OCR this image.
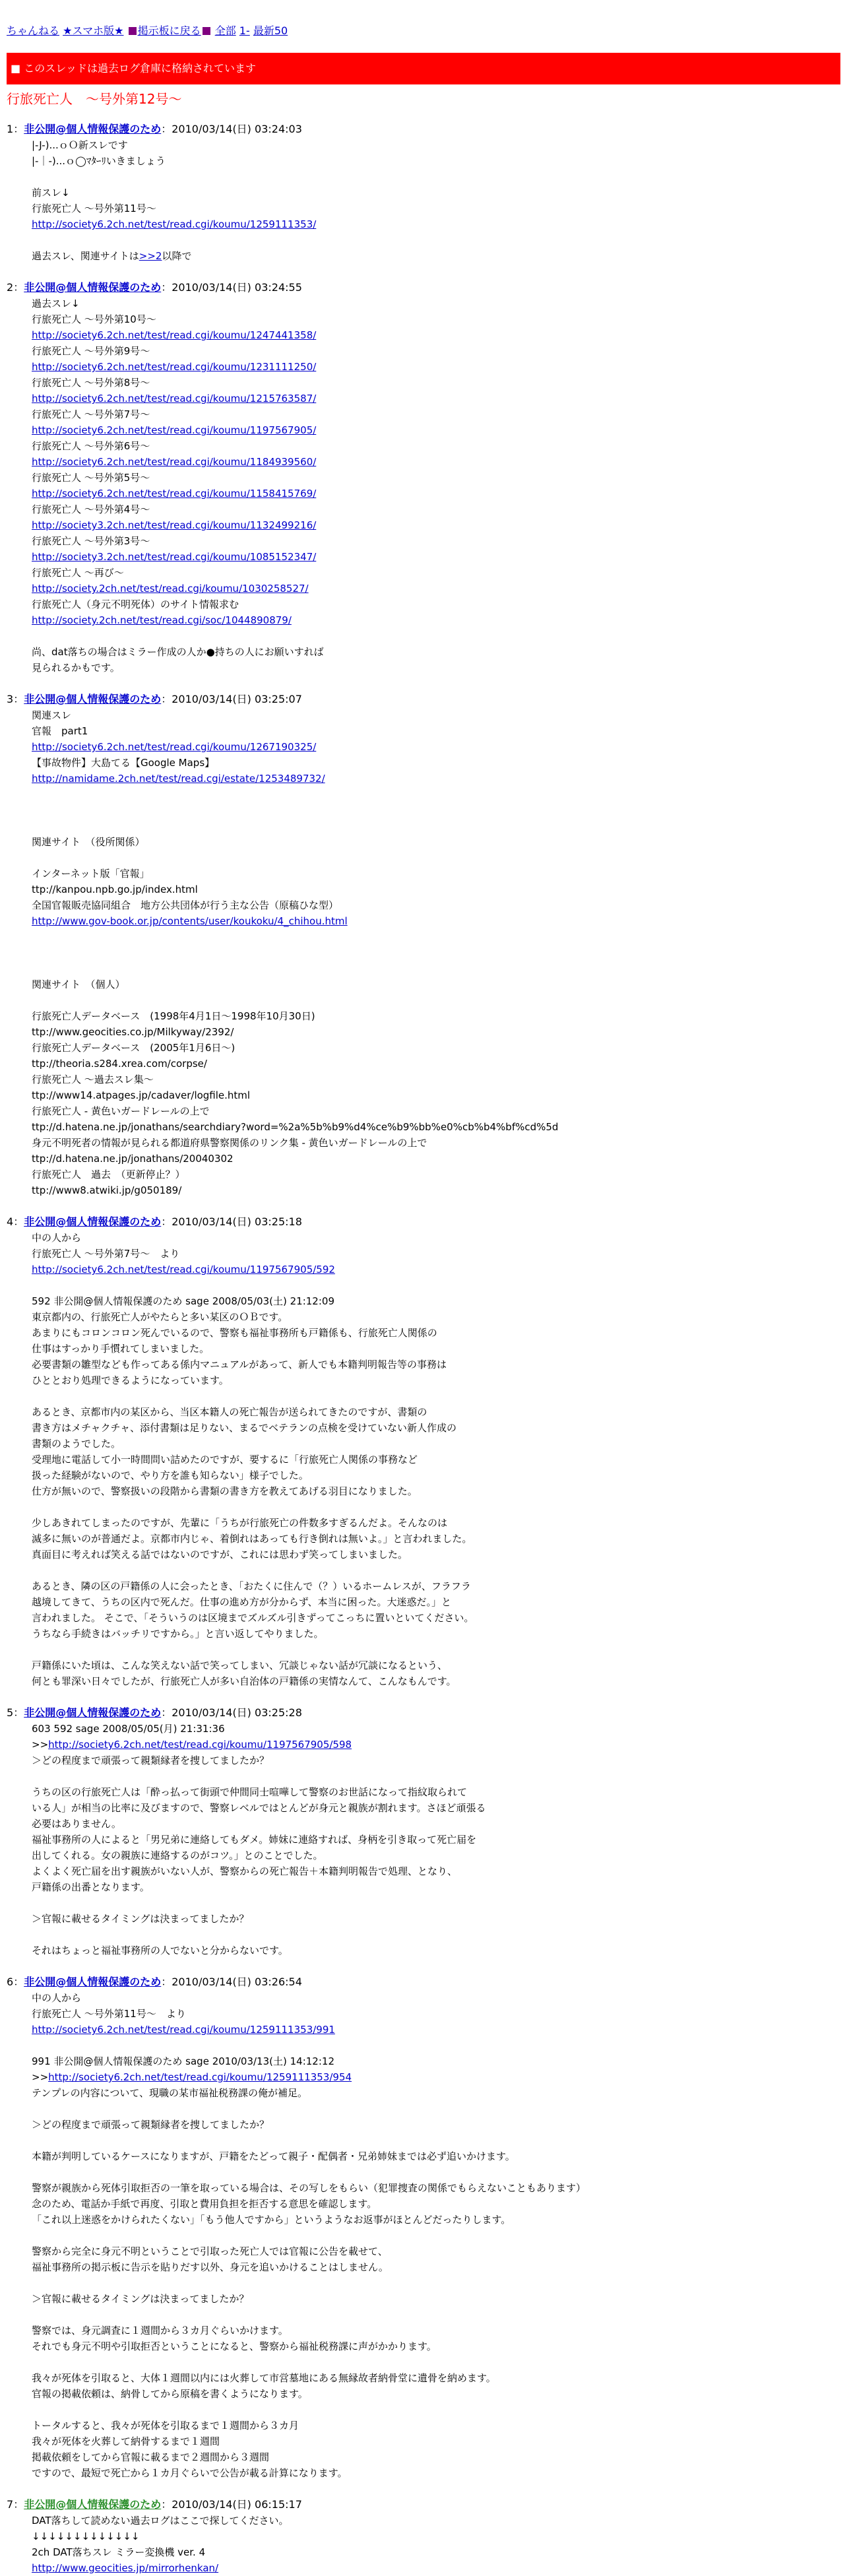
ちゃんねる ★スマホ版★ 掲示板に戻る 全部 1- 最新50
■ このスレッドは過去ログ倉庫に格納されています
行旅死亡人　～号外第12号～
1：非公開@個人情報保護のため：2010/03/14(日) 03:24:03
|-J-)...ｏＯ新スレです
|-｜-)...ｏ◯ﾏﾀｰﾘいきましょう
前スレ↓
行旅死亡人 ～号外第11号～
http://society6.2ch.net/test/read.cgi/koumu/1259111353/
過去スレ、関連サイトは>>2以降で
2：非公開@個人情報保護のため：2010/03/14(日) 03:24:55
過去スレ↓
行旅死亡人 ～号外第10号～
http://society6.2ch.net/test/read.cgi/koumu/1247441358/
行旅死亡人 ～号外第9号～
http://society6.2ch.net/test/read.cgi/koumu/1231111250/
行旅死亡人 ～号外第8号～
http://society6.2ch.net/test/read.cgi/koumu/1215763587/
行旅死亡人 ～号外第7号～
http://society6.2ch.net/test/read.cgi/koumu/1197567905/
行旅死亡人 ～号外第6号～
http://society6.2ch.net/test/read.cgi/koumu/1184939560/
行旅死亡人 ～号外第5号～
http://society6.2ch.net/test/read.cgi/koumu/1158415769/
行旅死亡人 ～号外第4号～
http://society3.2ch.net/test/read.cgi/koumu/1132499216/
行旅死亡人 ～号外第3号～
http://society3.2ch.net/test/read.cgi/koumu/1085152347/
行旅死亡人 ～再び～
http://society.2ch.net/test/read.cgi/koumu/1030258527/
行旅死亡人（身元不明死体）のサイト情報求む
http://society.2ch.net/test/read.cgi/soc/1044890879/
尚、dat落ちの場合はミラー作成の人か●持ちの人にお願いすれば
見られるかもです。
3：非公開@個人情報保護のため：2010/03/14(日) 03:25:07
関連スレ
官報　part1
http://society6.2ch.net/test/read.cgi/koumu/1267190325/
【事故物件】大島てる【Google Maps】
http://namidame.2ch.net/test/read.cgi/estate/1253489732/
関連サイト　（役所関係）
インターネット版「官報」
ttp://kanpou.npb.go.jp/index.html
全国官報販売協同組合　地方公共団体が行う主な公告（原稿ひな型）
http://www.gov-book.or.jp/contents/user/koukoku/4_chihou.html
関連サイト　（個人）
行旅死亡人データベース　(1998年4月1日～1998年10月30日)
ttp://www.geocities.co.jp/Milkyway/2392/
行旅死亡人データベース　(2005年1月6日～)
ttp://theoria.s284.xrea.com/corpse/
行旅死亡人 ～過去スレ集～
ttp://www14.atpages.jp/cadaver/logfile.html
行旅死亡人 - 黄色いガードレールの上で
ttp://d.hatena.ne.jp/jonathans/searchdiary?word=%2a%5b%b9%d4%ce%b9%bb%e0%cb%b4%bf%cd%5d
身元不明死者の情報が見られる都道府県警察関係のリンク集 - 黄色いガードレールの上で
ttp://d.hatena.ne.jp/jonathans/20040302
行旅死亡人　過去　（更新停止？）
ttp://www8.atwiki.jp/g050189/
4：非公開@個人情報保護のため：2010/03/14(日) 03:25:18
中の人から
行旅死亡人 ～号外第7号～　より
http://society6.2ch.net/test/read.cgi/koumu/1197567905/592
592 非公開@個人情報保護のため sage 2008/05/03(土) 21:12:09
東京都内の、行旅死亡人がやたらと多い某区のＯＢです。
あまりにもコロンコロン死んでいるので、警察も福祉事務所も戸籍係も、行旅死亡人関係の
仕事はすっかり手慣れてしまいました。
必要書類の雛型なども作ってある係内マニュアルがあって、新人でも本籍判明報告等の事務は
ひととおり処理できるようになっています。
あるとき、京都市内の某区から、当区本籍人の死亡報告が送られてきたのですが、書類の
書き方はメチャクチャ、添付書類は足りない、まるでベテランの点検を受けていない新人作成の
書類のようでした。
受理地に電話して小一時間問い詰めたのですが、要するに「行旅死亡人関係の事務など
扱った経験がないので、やり方を誰も知らない」様子でした。
仕方が無いので、警察扱いの段階から書類の書き方を教えてあげる羽目になりました。
少しあきれてしまったのですが、先輩に「うちが行旅死亡の件数多すぎるんだよ。そんなのは
滅多に無いのが普通だよ。京都市内じゃ、着倒れはあっても行き倒れは無いよ。」と言われました。
真面目に考えれば笑える話ではないのですが、これには思わず笑ってしまいました。
あるとき、隣の区の戸籍係の人に会ったとき、「おたくに住んで（？）いるホームレスが、フラフラ
越境してきて、うちの区内で死んだ。仕事の進め方が分からず、本当に困った。大迷惑だ。」と
言われました。 そこで、「そういうのは区境までズルズル引きずってこっちに置いといてください。
うちなら手続きはバッチリですから。」と言い返してやりました。
戸籍係にいた頃は、こんな笑えない話で笑ってしまい、冗談じゃない話が冗談になるという、
何とも罪深い日々でしたが、行旅死亡人が多い自治体の戸籍係の実情なんて、こんなもんです。
5：非公開@個人情報保護のため：2010/03/14(日) 03:25:28
603 592 sage 2008/05/05(月) 21:31:36
>>http://society6.2ch.net/test/read.cgi/koumu/1197567905/598
＞どの程度まで頑張って親類縁者を捜してましたか？
うちの区の行旅死亡人は「酔っ払って街頭で仲間同士喧嘩して警察のお世話になって指紋取られて
いる人」が相当の比率に及びますので、警察レベルではとんどが身元と親族が割れます。さほど頑張る
必要はありません。
福祉事務所の人によると「男兄弟に連絡してもダメ。姉妹に連絡すれば、身柄を引き取って死亡届を
出してくれる。女の親族に連絡するのがコツ。」とのことでした。
よくよく死亡届を出す親族がいない人が、警察からの死亡報告＋本籍判明報告で処理、となり、
戸籍係の出番となります。
＞官報に載せるタイミングは決まってましたか？
それはちょっと福祉事務所の人でないと分からないです。
6：非公開@個人情報保護のため：2010/03/14(日) 03:26:54
中の人から
行旅死亡人 ～号外第11号～　より
http://society6.2ch.net/test/read.cgi/koumu/1259111353/991
991 非公開@個人情報保護のため sage 2010/03/13(土) 14:12:12
>>http://society6.2ch.net/test/read.cgi/koumu/1259111353/954
テンプレの内容について、現職の某市福祉税務課の俺が補足。
＞どの程度まで頑張って親類縁者を捜してましたか？
本籍が判明しているケースになりますが、戸籍をたどって親子・配偶者・兄弟姉妹までは必ず追いかけます。
警察が親族から死体引取拒否の一筆を取っている場合は、その写しをもらい（犯罪捜査の関係でもらえないこともあります）
念のため、電話か手紙で再度、引取と費用負担を拒否する意思を確認します。
「これ以上迷惑をかけられたくない」「もう他人ですから」というようなお返事がほとんどだったりします。
警察から完全に身元不明ということで引取った死亡人では官報に公告を載せて、
福祉事務所の掲示板に告示を貼りだす以外、身元を追いかけることはしません。
＞官報に載せるタイミングは決まってましたか？
警察では、身元調査に１週間から３カ月ぐらいかけます。
それでも身元不明や引取拒否ということになると、警察から福祉税務課に声がかかります。
我々が死体を引取ると、大体１週間以内には火葬して市営墓地にある無縁故者納骨堂に遺骨を納めます。
官報の掲載依頼は、納骨してから原稿を書くようになります。
トータルすると、我々が死体を引取るまで１週間から３カ月
我々が死体を火葬して納骨するまで１週間
掲載依頼をしてから官報に載るまで２週間から３週間
ですので、最短で死亡から１カ月ぐらいで公告が載る計算になります。
7：非公開@個人情報保護のため：2010/03/14(日) 06:15:17
DAT落ちして読めない過去ログはここで探してください。
↓↓↓↓↓↓↓↓↓↓↓↓↓
2ch DAT落ちスレ ミラー変換機 ver. 4
http://www.geocities.jp/mirrorhenkan/
